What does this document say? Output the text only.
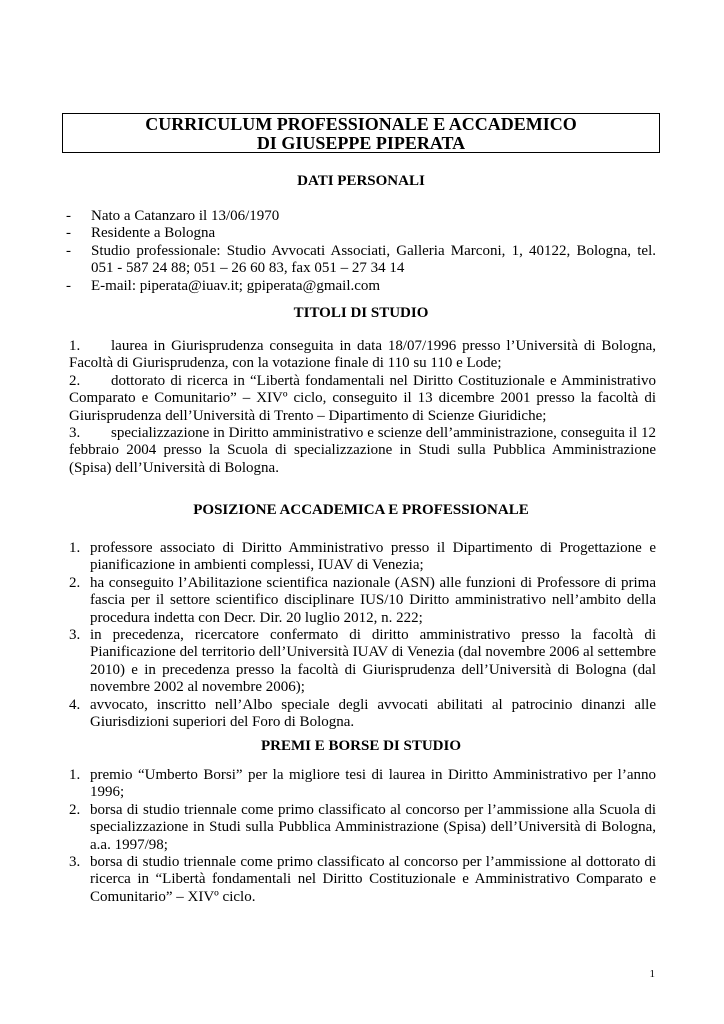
CURRICULUM PROFESSIONALE E ACCADEMICO
DI GIUSEPPE PIPERATA
DATI PERSONALI
- Nato a Catanzaro il 13/06/1970
- Residente a Bologna
- Studio professionale: Studio Avvocati Associati, Galleria Marconi, 1, 40122, Bologna, tel. 051 - 587 24 88; 051 – 26 60 83, fax 051 – 27 34 14
- E-mail: piperata@iuav.it; gpiperata@gmail.com
TITOLI DI STUDIO

1. laurea in Giurisprudenza conseguita in data 18/07/1996 presso l’Università di Bologna, Facoltà di Giurisprudenza, con la votazione finale di 110 su 110 e Lode;

2. dottorato di ricerca in “Libertà fondamentali nel Diritto Costituzionale e Amministrativo Comparato e Comunitario” – XIVº ciclo, conseguito il 13 dicembre 2001 presso la facoltà di Giurisprudenza dell’Università di Trento – Dipartimento di Scienze Giuridiche;

3. specializzazione in Diritto amministrativo e scienze dell’amministrazione, conseguita il 12 febbraio 2004 presso la Scuola di specializzazione in Studi sulla Pubblica Amministrazione (Spisa) dell’Università di Bologna.

POSIZIONE ACCADEMICA E PROFESSIONALE
1. professore associato di Diritto Amministrativo presso il Dipartimento di Progettazione e pianificazione in ambienti complessi, IUAV di Venezia;
2. ha conseguito l’Abilitazione scientifica nazionale (ASN) alle funzioni di Professore di prima fascia per il settore scientifico disciplinare IUS/10 Diritto amministrativo nell’ambito della procedura indetta con Decr. Dir. 20 luglio 2012, n. 222;
3. in precedenza, ricercatore confermato di diritto amministrativo presso la facoltà di Pianificazione del territorio dell’Università IUAV di Venezia (dal novembre 2006 al settembre 2010) e in precedenza presso la facoltà di Giurisprudenza dell’Università di Bologna (dal novembre 2002 al novembre 2006);
4. avvocato, inscritto nell’Albo speciale degli avvocati abilitati al patrocinio dinanzi alle Giurisdizioni superiori del Foro di Bologna.
PREMI E BORSE DI STUDIO
1. premio “Umberto Borsi” per la migliore tesi di laurea in Diritto Amministrativo per l’anno 1996;
2. borsa di studio triennale come primo classificato al concorso per l’ammissione alla Scuola di specializzazione in Studi sulla Pubblica Amministrazione (Spisa) dell’Università di Bologna, a.a. 1997/98;
3. borsa di studio triennale come primo classificato al concorso per l’ammissione al dottorato di ricerca in “Libertà fondamentali nel Diritto Costituzionale e Amministrativo Comparato e Comunitario” – XIVº ciclo.
1
